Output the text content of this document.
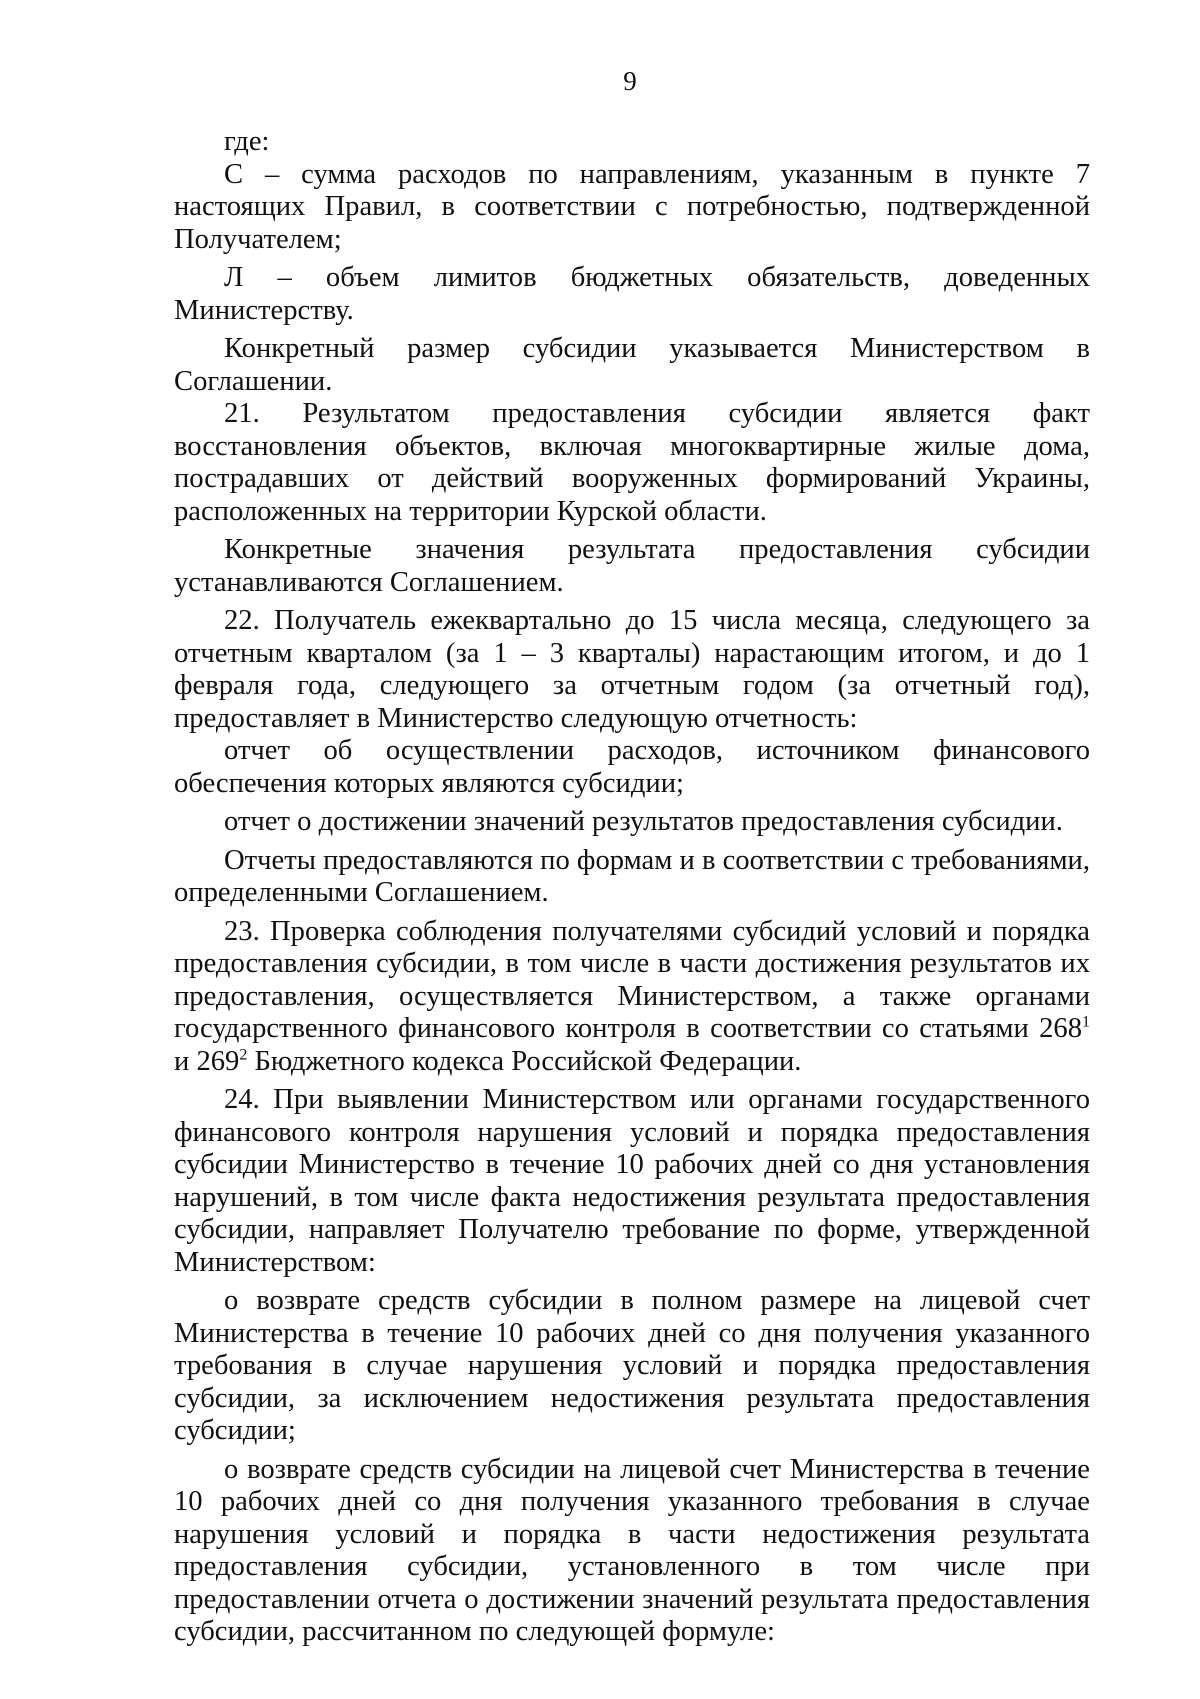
9

где:

С – сумма расходов по направлениям, указанным в пункте 7 настоящих Правил, в соответствии с потребностью, подтвержденной Получателем;

Л – объем лимитов бюджетных обязательств, доведенных Министерству.

Конкретный размер субсидии указывается Министерством в Соглашении.

21. Результатом предоставления субсидии является факт восстановления объектов, включая многоквартирные жилые дома, пострадавших от действий вооруженных формирований Украины, расположенных на территории Курской области.

Конкретные значения результата предоставления субсидии устанавливаются Соглашением.

22. Получатель ежеквартально до 15 числа месяца, следующего за отчетным кварталом (за 1 – 3 кварталы) нарастающим итогом, и до 1 февраля года, следующего за отчетным годом (за отчетный год), предоставляет в Министерство следующую отчетность:

отчет об осуществлении расходов, источником финансового обеспечения которых являются субсидии;

отчет о достижении значений результатов предоставления субсидии.

Отчеты предоставляются по формам и в соответствии с требованиями, определенными Соглашением.

23. Проверка соблюдения получателями субсидий условий и порядка предоставления субсидии, в том числе в части достижения результатов их предоставления, осуществляется Министерством, а также органами государственного финансового контроля в соответствии со статьями $268^1$ и $269^2$ Бюджетного кодекса Российской Федерации.

24. При выявлении Министерством или органами государственного финансового контроля нарушения условий и порядка предоставления субсидии Министерство в течение 10 рабочих дней со дня установления нарушений, в том числе факта недостижения результата предоставления субсидии, направляет Получателю требование по форме, утвержденной Министерством:

о возврате средств субсидии в полном размере на лицевой счет Министерства в течение 10 рабочих дней со дня получения указанного требования в случае нарушения условий и порядка предоставления субсидии, за исключением недостижения результата предоставления субсидии;

о возврате средств субсидии на лицевой счет Министерства в течение 10 рабочих дней со дня получения указанного требования в случае нарушения условий и порядка в части недостижения результата предоставления субсидии, установленного в том числе при предоставлении отчета о достижении значений результата предоставления субсидии, рассчитанном по следующей формуле:
